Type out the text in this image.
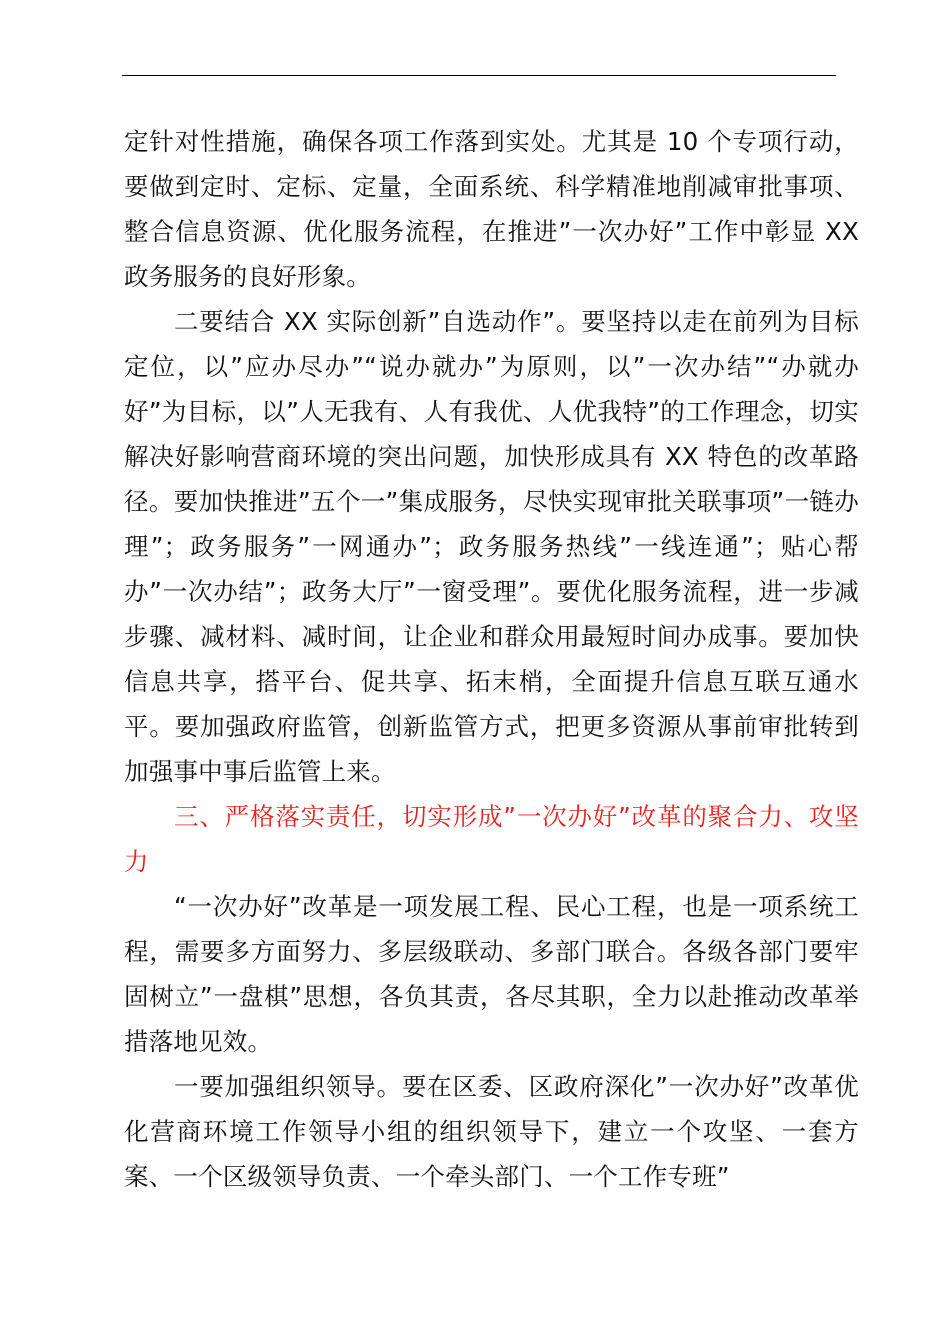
定针对性措施，确保各项工作落到实处。尤其是 10 个专项行动，要做到定时、定标、定量，全面系统、科学精准地削减审批事项、整合信息资源、优化服务流程，在推进”一次办好”工作中彰显 XX 政务服务的良好形象。

二要结合 XX 实际创新”自选动作”。要坚持以走在前列为目标定位，以”应办尽办”“说办就办”为原则，以”一次办结”“办就办好”为目标，以”人无我有、人有我优、人优我特”的工作理念，切实解决好影响营商环境的突出问题，加快形成具有 XX 特色的改革路径。要加快推进”五个一”集成服务，尽快实现审批关联事项”一链办理”；政务服务”一网通办”；政务服务热线”一线连通”；贴心帮办”一次办结”；政务大厅”一窗受理”。要优化服务流程，进一步减步骤、减材料、减时间，让企业和群众用最短时间办成事。要加快信息共享，搭平台、促共享、拓末梢，全面提升信息互联互通水平。要加强政府监管，创新监管方式，把更多资源从事前审批转到加强事中事后监管上来。

三、严格落实责任，切实形成”一次办好”改革的聚合力、攻坚力

“一次办好”改革是一项发展工程、民心工程，也是一项系统工程，需要多方面努力、多层级联动、多部门联合。各级各部门要牢固树立”一盘棋”思想，各负其责，各尽其职，全力以赴推动改革举措落地见效。

一要加强组织领导。要在区委、区政府深化”一次办好”改革优化营商环境工作领导小组的组织领导下，建立一个攻坚、一套方案、一个区级领导负责、一个牵头部门、一个工作专班”
